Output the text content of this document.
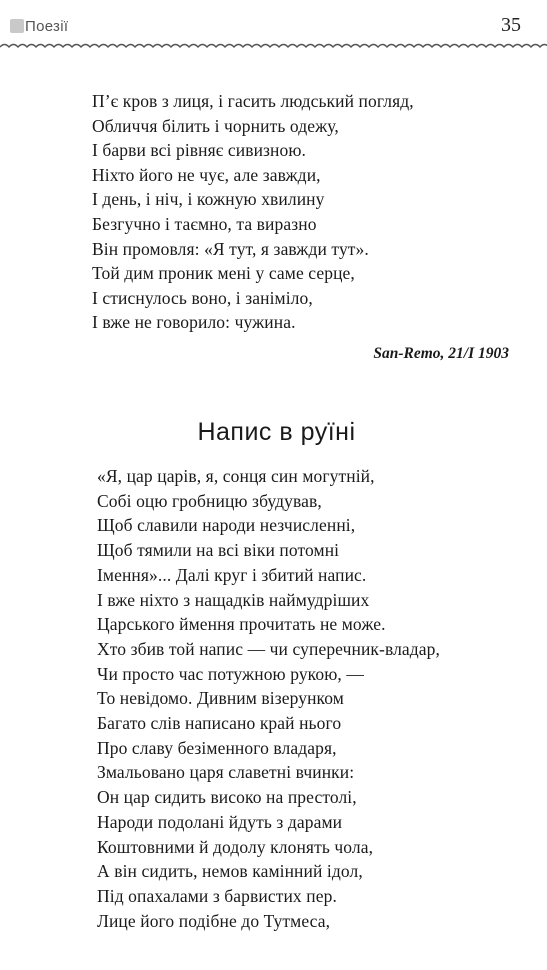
Поезії	35
П’є кров з лиця, і гасить людський погляд,
Обличчя білить і чорнить одежу,
І барви всі рівняє сивизною.
Ніхто його не чує, але завжди,
І день, і ніч, і кожную хвилину
Безгучно і таємно, та виразно
Він промовля: «Я тут, я завжди тут».
Той дим проник мені у саме серце,
І стиснулось воно, і заніміло,
І вже не говорило: чужина.
San-Remo, 21/I 1903
Напис в руїні
«Я, цар царів, я, сонця син могутній,
Собі оцю гробницю збудував,
Щоб славили народи незчисленні,
Щоб тямили на всі віки потомні
Імення»... Далі круг і збитий напис.
І вже ніхто з нащадків наймудріших
Царського ймення прочитать не може.
Хто збив той напис — чи суперечник-владар,
Чи просто час потужною рукою, —
То невідомо. Дивним візерунком
Багато слів написано край нього
Про славу безіменного владаря,
Змальовано царя славетні вчинки:
Он цар сидить високо на престолі,
Народи подолані йдуть з дарами
Коштовними й додолу клонять чола,
А він сидить, немов камінний ідол,
Під опахалами з барвистих пер.
Лице його подібне до Тутмеса,
